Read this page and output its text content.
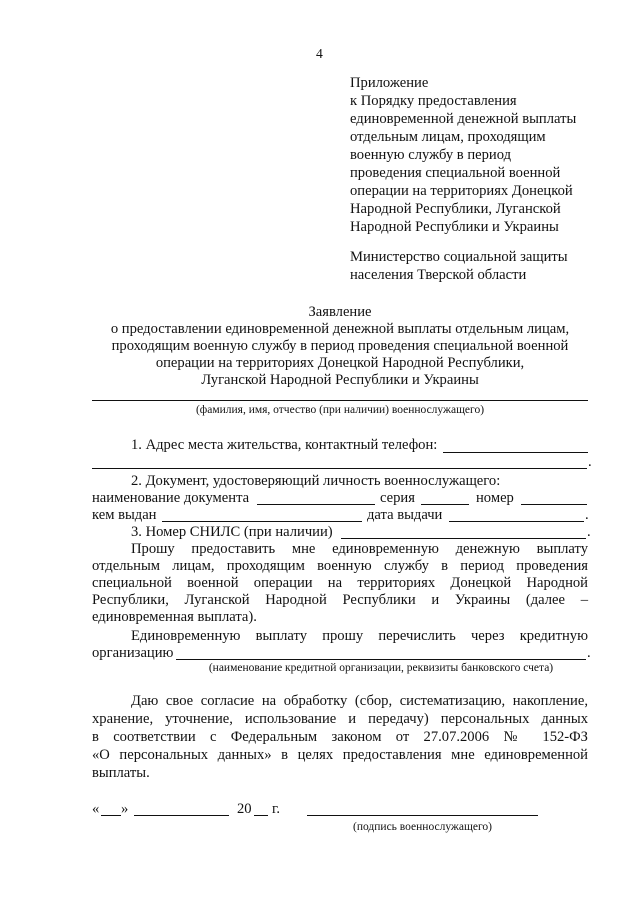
4
Приложение
к Порядку предоставления
единовременной денежной выплаты
отдельным лицам, проходящим
военную службу в период
проведения специальной военной
операции на территориях Донецкой
Народной Республики, Луганской
Народной Республики и Украины
Министерство социальной защиты
населения Тверской области
Заявление
о предоставлении единовременной денежной выплаты отдельным лицам,
проходящим военную службу в период проведения специальной военной
операции на территориях Донецкой Народной Республики,
Луганской Народной Республики и Украины
(фамилия, имя, отчество (при наличии) военнослужащего)
1. Адрес места жительства, контактный телефон:
.
2. Документ, удостоверяющий личность военнослужащего:
наименование документа	серия	номер
кем выдан	дата выдачи	.
3. Номер СНИЛС (при наличии)	.
Прошу предоставить мне единовременную денежную выплату
отдельным лицам, проходящим военную службу в период проведения
специальной военной операции на территориях Донецкой Народной
Республики, Луганской Народной Республики и Украины (далее –
единовременная выплата).
Единовременную выплату прошу перечислить через кредитную
организацию	.
(наименование кредитной организации, реквизиты банковского счета)
Даю свое согласие на обработку (сбор, систематизацию, накопление,
хранение, уточнение, использование и передачу) персональных данных
в соответствии с Федеральным законом от 27.07.2006 № 152-ФЗ
«О персональных данных» в целях предоставления мне единовременной
выплаты.
« »	20 г.
(подпись военнослужащего)
